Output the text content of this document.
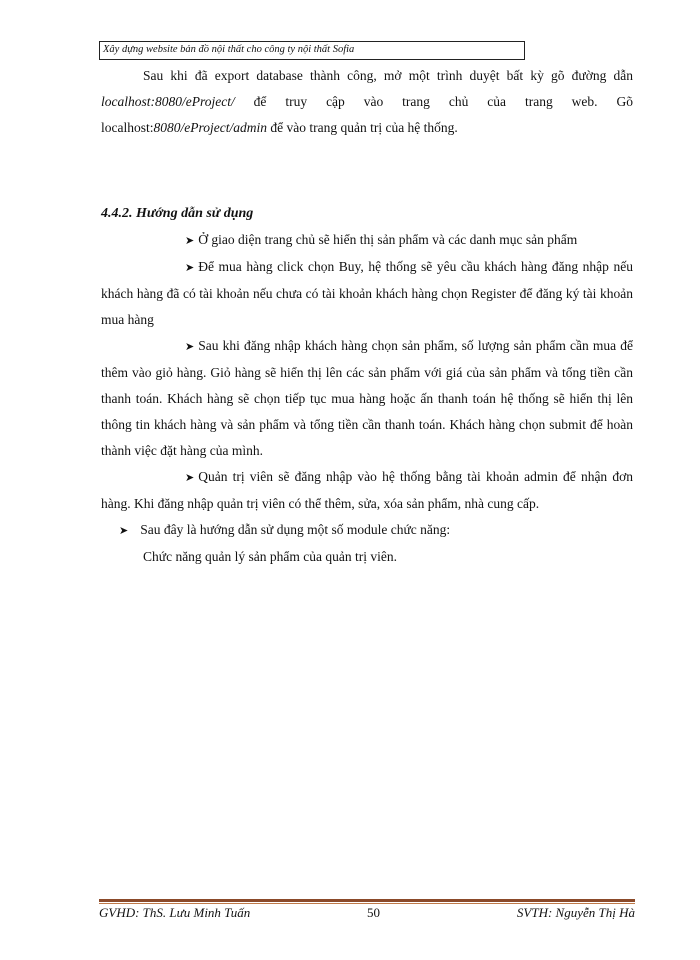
Xây dựng website bản đồ nội thất cho công ty nội thất Sofia

Sau khi đã export database thành công, mở một trình duyệt bất kỳ gõ đường dẫn localhost:8080/eProject/ để truy cập vào trang chủ của trang web. Gõ localhost:8080/eProject/admin để vào trang quản trị của hệ thống.

4.4.2. Hướng dẫn sử dụng

➤ Ở giao diện trang chủ sẽ hiển thị sản phẩm và các danh mục sản phẩm

➤ Để mua hàng click chọn Buy, hệ thống sẽ yêu cầu khách hàng đăng nhập nếu khách hàng đã có tài khoản nếu chưa có tài khoản khách hàng chọn Register để đăng ký tài khoản mua hàng

➤ Sau khi đăng nhập khách hàng chọn sản phẩm, số lượng sản phẩm cần mua để thêm vào giỏ hàng. Giỏ hàng sẽ hiển thị lên các sản phẩm với giá của sản phẩm và tổng tiền cần thanh toán. Khách hàng sẽ chọn tiếp tục mua hàng hoặc ấn thanh toán hệ thống sẽ hiển thị lên thông tin khách hàng và sản phẩm và tổng tiền cần thanh toán. Khách hàng chọn submit để hoàn thành việc đặt hàng của mình.

➤ Quản trị viên sẽ đăng nhập vào hệ thống bằng tài khoản admin để nhận đơn hàng. Khi đăng nhập quản trị viên có thể thêm, sửa, xóa sản phẩm, nhà cung cấp.

➤ Sau đây là hướng dẫn sử dụng một số module chức năng:

Chức năng quản lý sản phẩm của quản trị viên.

GVHD: ThS. Lưu Minh Tuấn	50	SVTH: Nguyễn Thị Hà
